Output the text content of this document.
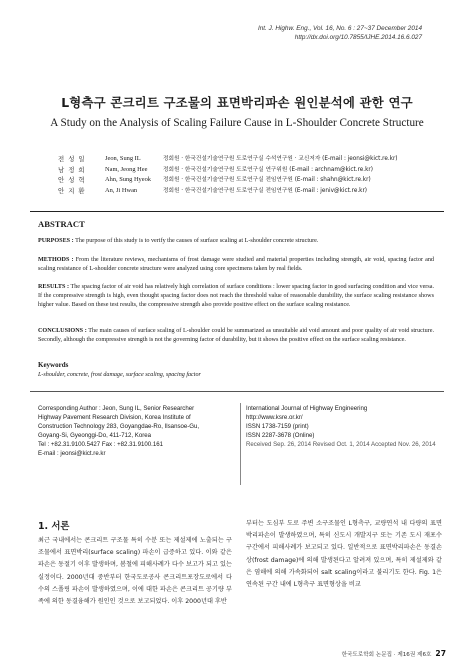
Int. J. Highw. Eng., Vol. 16, No. 6 : 27~37 December 2014
http://dx.doi.org/10.7855/IJHE.2014.16.6.027
L형측구 콘크리트 구조물의 표면박리파손 원인분석에 관한 연구
A Study on the Analysis of Scaling Failure Cause in L-Shoulder Concrete Structure
전 성 일	Jeon, Sung IL	정회원 · 한국건설기술연구원 도로연구실 수석연구원 · 교신저자 (E-mail : jeonsi@kict.re.kr)
남 정 희	Nam, Jeong Hee	정회원 · 한국건설기술연구원 도로연구실 연구위원 (E-mail : archnam@kict.re.kr)
안 성 혁	Ahn, Sung Hyeok	정회원 · 한국건설기술연구원 도로연구실 전임연구원 (E-mail : shahn@kict.re.kr)
안 지 환	An, Ji Hwan	정회원 · 한국건설기술연구원 도로연구실 전임연구원 (E-mail : jeniv@kict.re.kr)
ABSTRACT
PURPOSES : The purpose of this study is to verify the causes of surface scaling at L-shoulder concrete structure.
METHODS : From the literature reviews, mechanisms of frost damage were studied and material properties including strength, air void, spacing factor and scaling resistance of L-shoulder concrete structure were analyzed using core specimens taken by real fields.
RESULTS : The spacing factor of air void has relatively high correlation of surface conditions : lower spacing factor in good surfacing condition and vice versa. If the compressive strength is high, even thought spacing factor does not reach the threshold value of reasonable durability, the surface scaling resistance shows higher value. Based on these test results, the compressive strength also provide positive effect on the surface scaling resistance.
CONCLUSIONS : The main causes of surface scaling of L-shoulder could be summarized as unsuitable aid void amount and poor quality of air void structure. Secondly, although the compressive strength is not the governing factor of durability, but it shows the positive effect on the surface scaling resistance.
Keywords
L-shoulder, concrete, frost damage, surface scaling, spacing factor
Corresponding Author : Jeon, Sung IL, Senior Researcher
Highway Pavement Research Division, Korea Institute of
Construction Technology 283, Goyangdae-Ro, Ilsansoe-Gu,
Goyang-Si, Gyeonggi-Do, 411-712, Korea
Tel : +82.31.9100.5427 Fax : +82.31.9100.161
E-mail : jeonsi@kict.re.kr
International Journal of Highway Engineering
http://www.ksre.or.kr/
ISSN 1738-7159 (print)
ISSN 2287-3678 (Online)
Received Sep. 26, 2014 Revised Oct. 1, 2014 Accepted Nov. 26, 2014
1. 서론
최근 국내에서는 콘크리트 구조물 특히 수분 또는 제설제에 노출되는 구조물에서 표면박리(surface scaling) 파손이 급증하고 있다. 이와 같은 파손은 동절기 이후 발생하며, 봄철에 피해사례가 다수 보고가 되고 있는 실정이다. 2000년대 중반부터 한국도로공사 콘크리트포장도로에서 다수의 스폴링 파손이 발생하였으며, 이에 대한 파손은 콘크리트 공기량 부족에 의한 동결융해가 원인인 것으로 보고되었다. 이후 2000년대 후반
부터는 도심부 도로 주변 소구조물인 L형측구, 교량연석 내 다량의 표면박리파손이 발생하였으며, 특히 신도시 개발지구 또는 기존 도시 재포수구간에서 피해사례가 보고되고 있다. 일반적으로 표면박리파손은 동결손상(frost damage)에 의해 발생된다고 알려져 있으며, 특히 제설제와 같은 염해에 의해 가속화되어 salt scaling이라고 불리기도 한다. Fig. 1은 연속된 구간 내에 L형측구 표면형상을 비교
한국도로학회 논문집 · 제16권 제6호 27
